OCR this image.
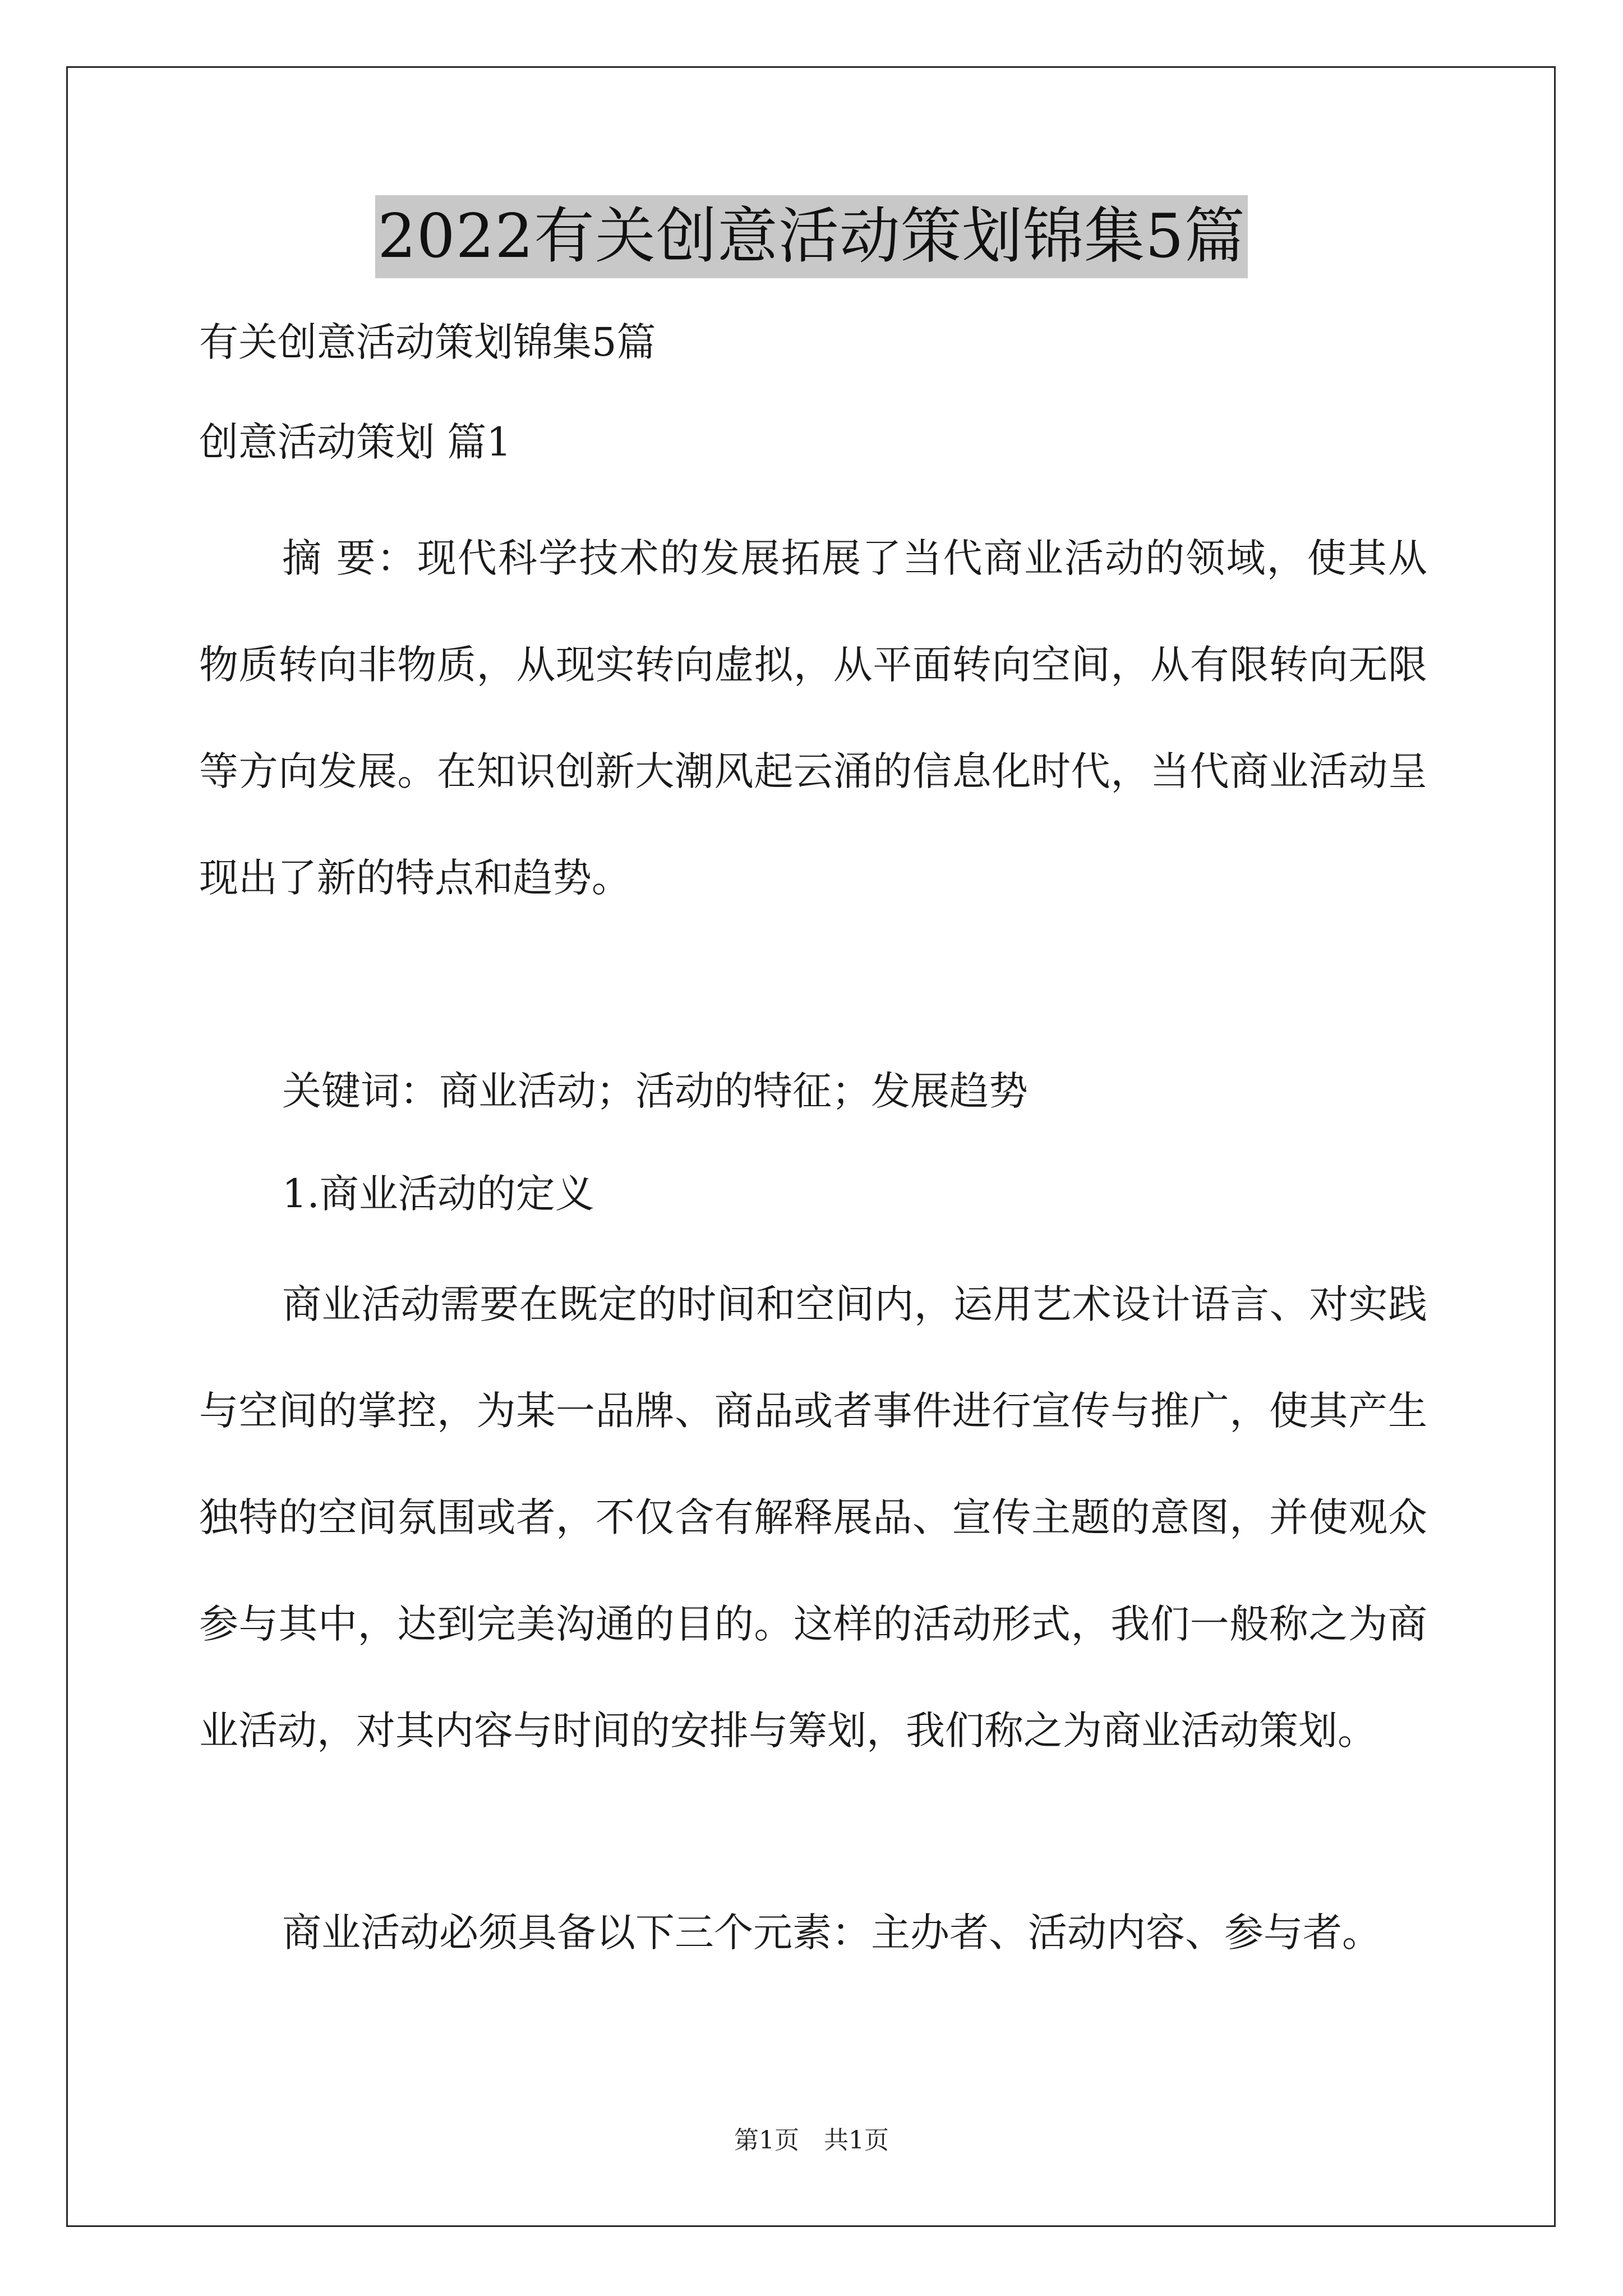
2022有关创意活动策划锦集5篇
有关创意活动策划锦集5篇
创意活动策划 篇1

摘 要：现代科学技术的发展拓展了当代商业活动的领域，使其从物质转向非物质，从现实转向虚拟，从平面转向空间，从有限转向无限等方向发展。在知识创新大潮风起云涌的信息化时代，当代商业活动呈现出了新的特点和趋势。

关键词：商业活动；活动的特征；发展趋势
1.商业活动的定义

商业活动需要在既定的时间和空间内，运用艺术设计语言、对实践与空间的掌控，为某一品牌、商品或者事件进行宣传与推广，使其产生独特的空间氛围或者，不仅含有解释展品、宣传主题的意图，并使观众参与其中，达到完美沟通的目的。这样的活动形式，我们一般称之为商业活动，对其内容与时间的安排与筹划，我们称之为商业活动策划。

商业活动必须具备以下三个元素：主办者、活动内容、参与者。
第1页　共1页
